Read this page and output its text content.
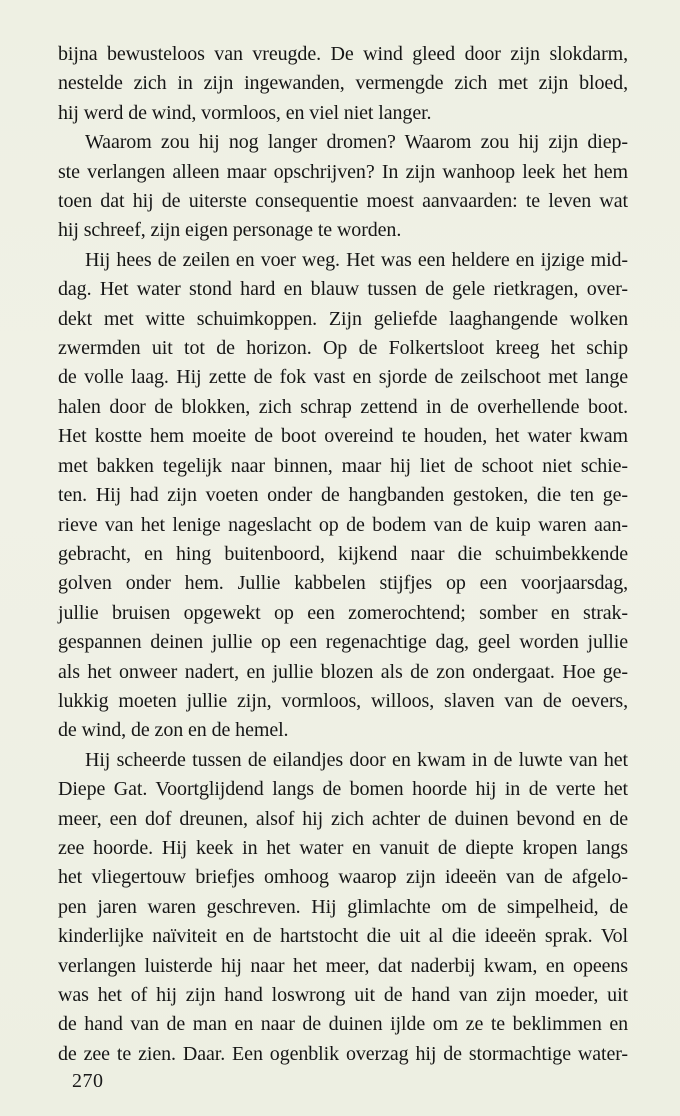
bijna bewusteloos van vreugde. De wind gleed door zijn slokdarm,
nestelde zich in zijn ingewanden, vermengde zich met zijn bloed,
hij werd de wind, vormloos, en viel niet langer.

Waarom zou hij nog langer dromen? Waarom zou hij zijn diep-
ste verlangen alleen maar opschrijven? In zijn wanhoop leek het hem
toen dat hij de uiterste consequentie moest aanvaarden: te leven wat
hij schreef, zijn eigen personage te worden.

Hij hees de zeilen en voer weg. Het was een heldere en ijzige mid-
dag. Het water stond hard en blauw tussen de gele rietkragen, over-
dekt met witte schuimkoppen. Zijn geliefde laaghangende wolken
zwermden uit tot de horizon. Op de Folkertsloot kreeg het schip
de volle laag. Hij zette de fok vast en sjorde de zeilschoot met lange
halen door de blokken, zich schrap zettend in de overhellende boot.
Het kostte hem moeite de boot overeind te houden, het water kwam
met bakken tegelijk naar binnen, maar hij liet de schoot niet schie-
ten. Hij had zijn voeten onder de hangbanden gestoken, die ten ge-
rieve van het lenige nageslacht op de bodem van de kuip waren aan-
gebracht, en hing buitenboord, kijkend naar die schuimbekkende
golven onder hem. Jullie kabbelen stijfjes op een voorjaarsdag,
jullie bruisen opgewekt op een zomerochtend; somber en strak-
gespannen deinen jullie op een regenachtige dag, geel worden jullie
als het onweer nadert, en jullie blozen als de zon ondergaat. Hoe ge-
lukkig moeten jullie zijn, vormloos, willoos, slaven van de oevers,
de wind, de zon en de hemel.

Hij scheerde tussen de eilandjes door en kwam in de luwte van het
Diepe Gat. Voortglijdend langs de bomen hoorde hij in de verte het
meer, een dof dreunen, alsof hij zich achter de duinen bevond en de
zee hoorde. Hij keek in het water en vanuit de diepte kropen langs
het vliegertouw briefjes omhoog waarop zijn ideeën van de afgelo-
pen jaren waren geschreven. Hij glimlachte om de simpelheid, de
kinderlijke naïviteit en de hartstocht die uit al die ideeën sprak. Vol
verlangen luisterde hij naar het meer, dat naderbij kwam, en opeens
was het of hij zijn hand loswrong uit de hand van zijn moeder, uit
de hand van de man en naar de duinen ijlde om ze te beklimmen en
de zee te zien. Daar. Een ogenblik overzag hij de stormachtige water-

270
